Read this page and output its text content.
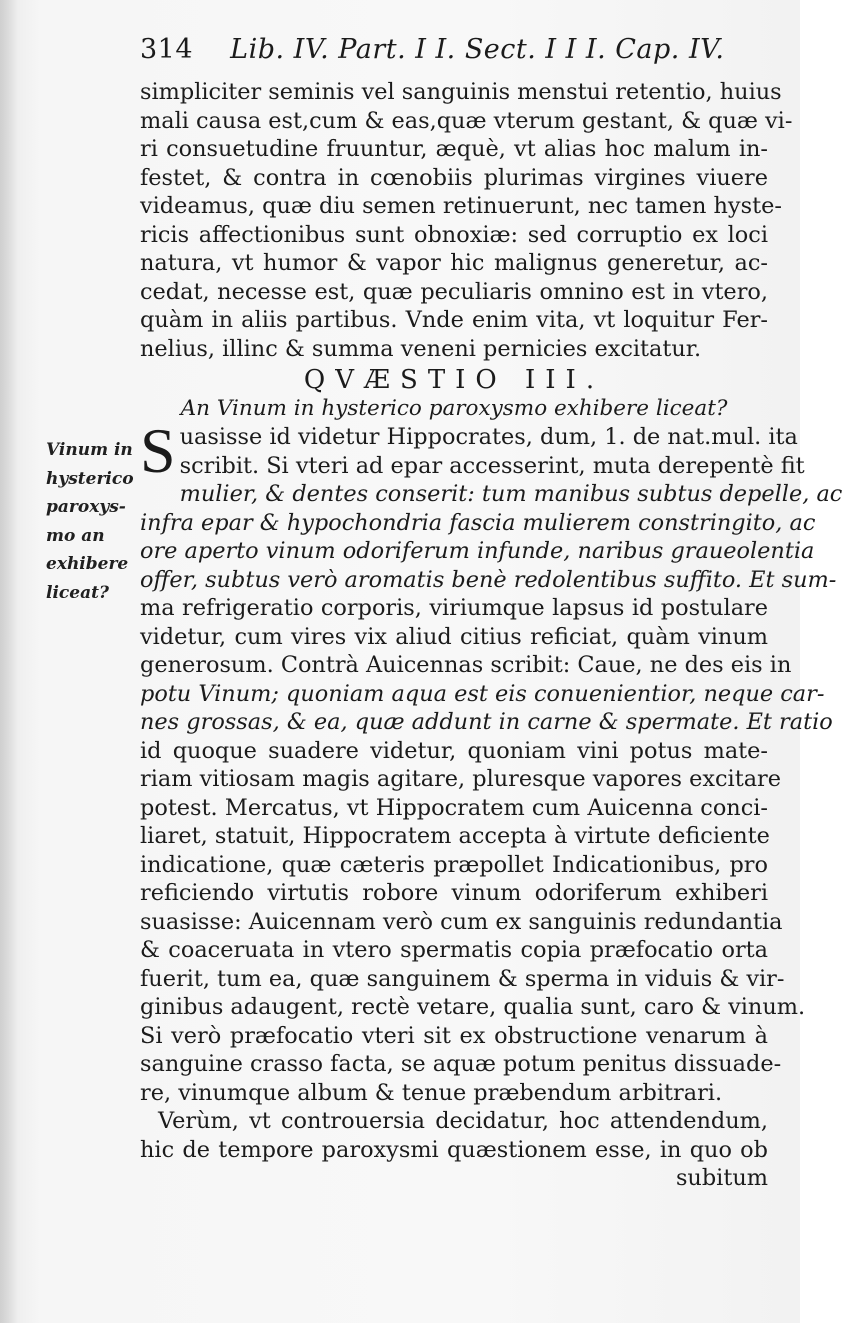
314 Lib. IV. Part. I I. Sect. I I I. Cap. IV.
Vinum in
hysterico
paroxys-
mo an
exhibere
liceat?
simpliciter seminis vel sanguinis menstui retentio, huius
mali causa est,cum & eas,quæ vterum gestant, & quæ vi-
ri consuetudine fruuntur, æquè, vt alias hoc malum in-
festet, & contra in cœnobiis plurimas virgines viuere
videamus, quæ diu semen retinuerunt, nec tamen hyste-
ricis affectionibus sunt obnoxiæ: sed corruptio ex loci
natura, vt humor & vapor hic malignus generetur, ac-
cedat, necesse est, quæ peculiaris omnino est in vtero,
quàm in aliis partibus. Vnde enim vita, vt loquitur Fer-
nelius, illinc & summa veneni pernicies excitatur.
QVÆSTIO III.
An Vinum in hysterico paroxysmo exhibere liceat?
S uasisse id videtur Hippocrates, dum, 1. de nat.mul. ita
scribit. Si vteri ad epar accesserint, muta derepentè fit
mulier, & dentes conserit: tum manibus subtus depelle, ac
infra epar & hypochondria fascia mulierem constringito, ac
ore aperto vinum odoriferum infunde, naribus graueolentia
offer, subtus verò aromatis benè redolentibus suffito. Et sum-
ma refrigeratio corporis, viriumque lapsus id postulare
videtur, cum vires vix aliud citius reficiat, quàm vinum
generosum. Contrà Auicennas scribit: Caue, ne des eis in
potu Vinum; quoniam aqua est eis conuenientior, neque car-
nes grossas, & ea, quæ addunt in carne & spermate. Et ratio
id quoque suadere videtur, quoniam vini potus mate-
riam vitiosam magis agitare, pluresque vapores excitare
potest. Mercatus, vt Hippocratem cum Auicenna conci-
liaret, statuit, Hippocratem accepta à virtute deficiente
indicatione, quæ cæteris præpollet Indicationibus, pro
reficiendo virtutis robore vinum odoriferum exhiberi
suasisse: Auicennam verò cum ex sanguinis redundantia
& coaceruata in vtero spermatis copia præfocatio orta
fuerit, tum ea, quæ sanguinem & sperma in viduis & vir-
ginibus adaugent, rectè vetare, qualia sunt, caro & vinum.
Si verò præfocatio vteri sit ex obstructione venarum à
sanguine crasso facta, se aquæ potum penitus dissuade-
re, vinumque album & tenue præbendum arbitrari.
Verùm, vt controuersia decidatur, hoc attendendum,
hic de tempore paroxysmi quæstionem esse, in quo ob
subitum
